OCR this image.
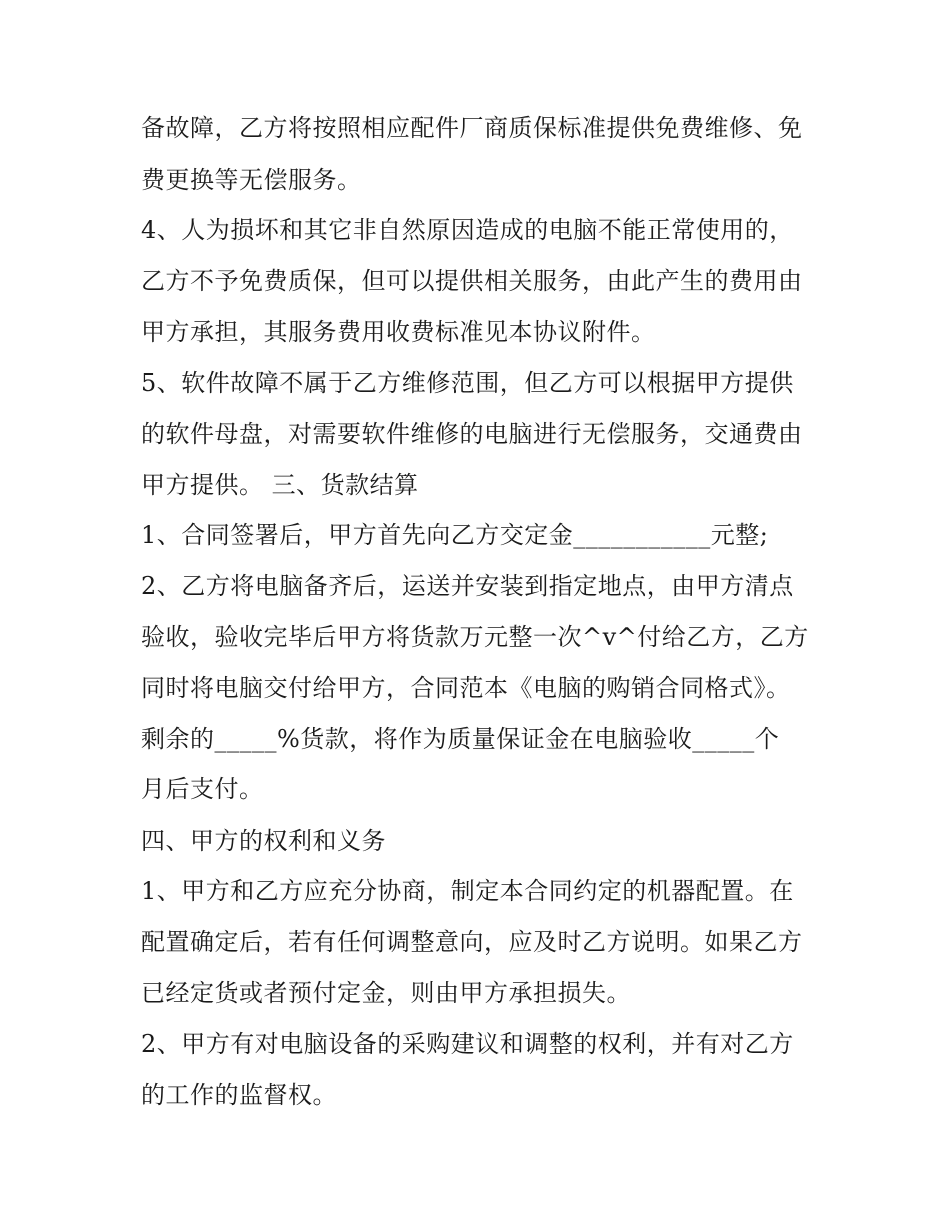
备故障，乙方将按照相应配件厂商质保标准提供免费维修、免
费更换等无偿服务。
4、人为损坏和其它非自然原因造成的电脑不能正常使用的，
乙方不予免费质保，但可以提供相关服务，由此产生的费用由
甲方承担，其服务费用收费标准见本协议附件。
5、软件故障不属于乙方维修范围，但乙方可以根据甲方提供
的软件母盘，对需要软件维修的电脑进行无偿服务，交通费由
甲方提供。 三、货款结算
1、合同签署后，甲方首先向乙方交定金___________元整;
2、乙方将电脑备齐后，运送并安装到指定地点，由甲方清点
验收，验收完毕后甲方将货款万元整一次^v^付给乙方，乙方
同时将电脑交付给甲方，合同范本《电脑的购销合同格式》。
剩余的_____%货款，将作为质量保证金在电脑验收_____个
月后支付。
四、甲方的权利和义务
1、甲方和乙方应充分协商，制定本合同约定的机器配置。在
配置确定后，若有任何调整意向，应及时乙方说明。如果乙方
已经定货或者预付定金，则由甲方承担损失。
2、甲方有对电脑设备的采购建议和调整的权利，并有对乙方
的工作的监督权。
